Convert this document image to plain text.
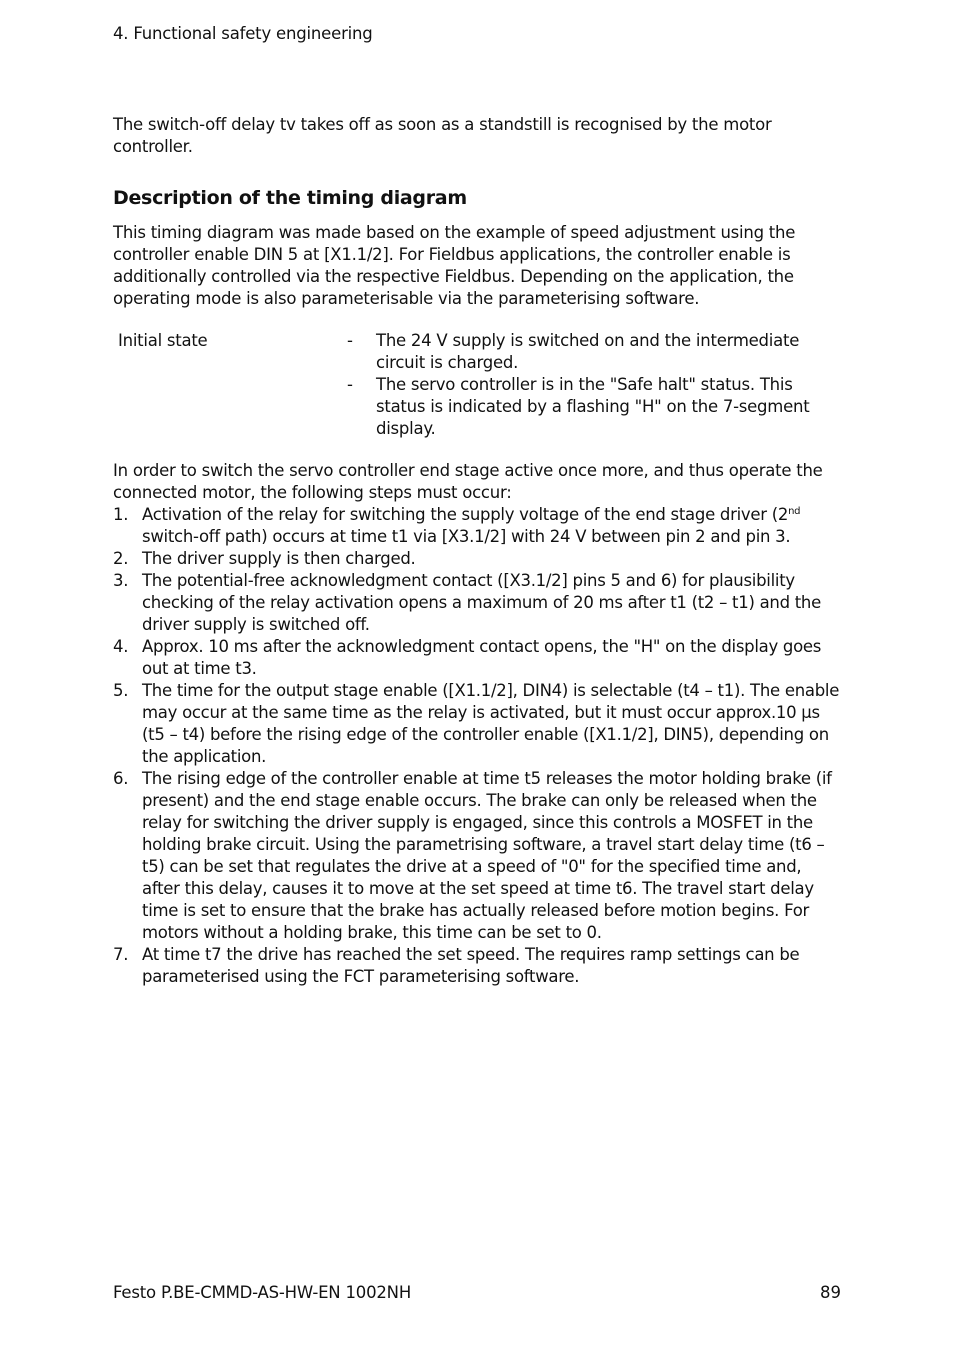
4. Functional safety engineering

The switch-off delay tv takes off as soon as a standstill is recognised by the motor controller.

Description of the timing diagram

This timing diagram was made based on the example of speed adjustment using the controller enable DIN 5 at [X1.1/2]. For Fieldbus applications, the controller enable is additionally controlled via the respective Fieldbus. Depending on the application, the operating mode is also parameterisable via the parameterising software.

Initial state	- The 24 V supply is switched on and the intermediate circuit is charged.
- The servo controller is in the "Safe halt" status. This status is indicated by a flashing "H" on the 7-segment display.

In order to switch the servo controller end stage active once more, and thus operate the connected motor, the following steps must occur:

1. Activation of the relay for switching the supply voltage of the end stage driver (2nd switch-off path) occurs at time t1 via [X3.1/2] with 24 V between pin 2 and pin 3.
2. The driver supply is then charged.
3. The potential-free acknowledgment contact ([X3.1/2] pins 5 and 6) for plausibility checking of the relay activation opens a maximum of 20 ms after t1 (t2 – t1) and the driver supply is switched off.
4. Approx. 10 ms after the acknowledgment contact opens, the "H" on the display goes out at time t3.
5. The time for the output stage enable ([X1.1/2], DIN4) is selectable (t4 – t1). The enable may occur at the same time as the relay is activated, but it must occur approx.10 µs (t5 – t4) before the rising edge of the controller enable ([X1.1/2], DIN5), depending on the application.
6. The rising edge of the controller enable at time t5 releases the motor holding brake (if present) and the end stage enable occurs. The brake can only be released when the relay for switching the driver supply is engaged, since this controls a MOSFET in the holding brake circuit. Using the parametrising software, a travel start delay time (t6 – t5) can be set that regulates the drive at a speed of "0" for the specified time and, after this delay, causes it to move at the set speed at time t6. The travel start delay time is set to ensure that the brake has actually released before motion begins. For motors without a holding brake, this time can be set to 0.
7. At time t7 the drive has reached the set speed. The requires ramp settings can be parameterised using the FCT parameterising software.
Festo P.BE-CMMD-AS-HW-EN 1002NH	89
